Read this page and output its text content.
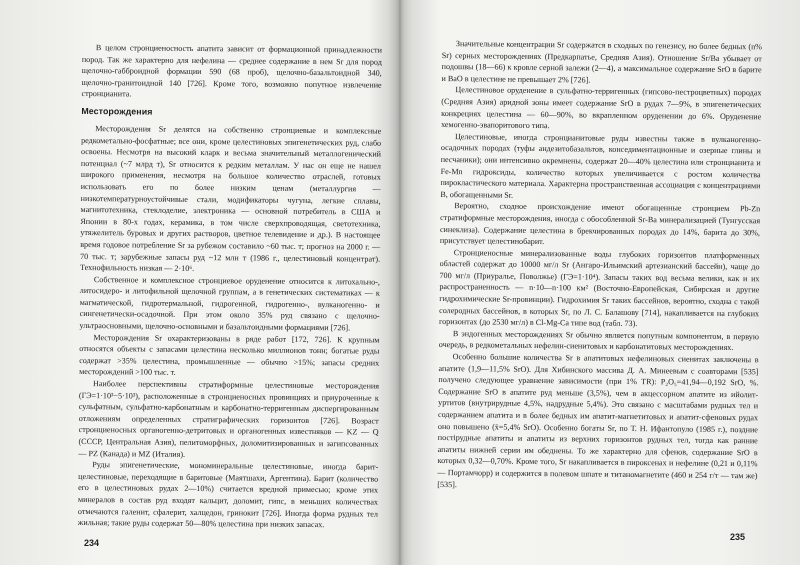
В целом стронциеносность апатита зависит от формационной принадлежности пород. Так же характерно для нефелина — среднее содержание в нем Sr для пород щелочно-габброидной формации 590 (68 проб), щелочно-базальтоидной 340, щелочно-гранитоидной 140 [726]. Кроме того, возможно попутное извлечение стронцианита.

Месторождения

Месторождения Sr делятся на собственно стронциевые и комплексные редкометально-фосфатные; все они, кроме целестиновых эпигенетических руд, слабо освоены. Несмотря на высокий кларк и весьма значительный металлогенический потенциал (~7 млрд т), Sr относится к редким металлам. У нас он еще не нашел широкого применения, несмотря на большое количество отраслей, готовых использовать его по более низким ценам (металлургия — низкотемпературноустойчивые стали, модификаторы чугуна, легкие сплавы, магнитотехника, стеклоделие, электроника — основной потребитель в США и Японии в 80-х годах, керамика, в том числе сверхпроводящая, светотехника, утяжелитель буровых и других растворов, цветное телевидение и др.). В настоящее время годовое потребление Sr за рубежом составило ~60 тыс. т; прогноз на 2000 г. — 70 тыс. т; зарубежные запасы руд ~12 млн т (1986 г., целестиновый концентрат). Технофильность низкая — 2·10⁶.

Собственное и комплексное стронциевое оруденение относится к литохально-, литосидеро- и литофильной щелочной группам, а в генетических систематиках — к магматической, гидротермальной, гидрогенной, гидрогенно-, вулканогенно- и сингенетически-осадочной. При этом около 35% руд связано с щелочно-ультраосновными, щелочно-основными и базальтоидными формациями [726].

Месторождения Sr охарактеризованы в ряде работ [172, 726]. К крупным относятся объекты с запасами целестина несколько миллионов тонн; богатые руды содержат >35% целестина, промышленные — обычно >15%; запасы средних месторождений >100 тыс. т.

Наиболее перспективны стратиформные целестиновые месторождения (ГЭ=1·10³−5·10³), расположенные в стронциеносных провинциях и приуроченные к сульфатным, сульфатно-карбонатным и карбонатно-терригенным диспергированным отложениям определенных стратиграфических горизонтов [726]. Возраст стронциеносных органогенно-детритовых и органогенных известняков — KZ — Q (СССР, Центральная Азия), пелитоморфных, доломитизированных и загипсованных — PZ (Канада) и MZ (Италия).

Руды эпигенетические, мономинеральные целестиновые, иногда барит-целестиновые, переходящие в баритовые (Маятшахи, Аргентина). Барит (количество его в целестиновых рудах 2—10%) считается вредной примесью; кроме этих минералов в состав руд входят кальцит, доломит, гипс, в меньших количествах отмечаются галенит, сфалерит, халцедон, гринокит [726]. Иногда форма рудных тел жильная; такие руды содержат 50—80% целестина при низких запасах.

234

Значительные концентрации Sr содержатся в сходных по генезису, но более бедных (n% Sr) серных месторождениях (Предкарпатье, Средняя Азия). Отношение Sr/Ba убывает от подошвы (18—66) к кровле серной залежи (2—4), а максимальное содержание SrO в барите и BaO в целестине не превышает 2% [726].

Целестиновое оруденение в сульфатно-терригенных (гипсово-пестроцветных) породах (Средняя Азия) аридной зоны имеет содержание SrO в рудах 7—9%, в эпигенетических конкрециях целестина — 60—90%, во вкрапленном оруденении до 6%. Оруденение хемогенно-эвапоритового типа.

Целестиновые, иногда стронцианитовые руды известны также в вулканогенно-осадочных породах (туфы андезитобазальтов, конседиментационные и озерные глины и песчаники); они интенсивно окремнены, содержат 20—40% целестина или стронцианита и Fe-Mn гидроксиды, количество которых увеличивается с ростом количества пирокластического материала. Характерна пространственная ассоциация с концентрациями B, обогащенными Sr.

Вероятно, сходное происхождение имеют обогащенные стронцием Pb-Zn стратиформные месторождения, иногда с обособленной Sr-Ba минерализацией (Тунгусская синеклиза). Содержание целестина в брекчированных породах до 14%, барита до 30%, присутствует целестинобарит.

Стронциеносные минерализованные воды глубоких горизонтов платформенных областей содержат до 10000 мг/л Sr (Ангаро-Ильимский артезианский бассейн), чаще до 700 мг/л (Приуралье, Поволжье) (ГЭ=1·10⁴). Запасы таких вод весьма велики, как и их распространенность — n·10—n·100 км² (Восточно-Европейская, Сибирская и другие гидрохимические Sr-провинции). Гидрохимия Sr таких бассейнов, вероятно, сходна с такой солеродных бассейнов, в которых Sr, по Л. С. Балашову [714], накапливается на глубоких горизонтах (до 2530 мг/л) в Cl-Mg-Ca типе вод (табл. 73).

В эндогенных месторождениях Sr обычно является попутным компонентом, в первую очередь, в редкометальных нефелин-сиенитовых и карбонатитовых месторождениях.

Особенно большие количества Sr в апатитовых нефелиновых сиенитах заключены в апатите (1,9—11,5% SrO). Для Хибинского массива Д. А. Минеевым с соавторами [535] получено следующее уравнение зависимости (при 1% TR): P₂O₅=41,94—0,192 SrO, %. Содержание SrO в апатите руд меньше (3,5%), чем в акцессорном апатите из ийолит-уртитов (внутрирудные 4,5%, надрудные 5,4%). Это связано с масштабами рудных тел и содержанием апатита и в более бедных им апатит-магнетитовых и апатит-сфеновых рудах оно повышено (x̄=5,4% SrO). Особенно богаты Sr, по Т. Н. Ифантопуло (1985 г.), поздние постірудные апатиты и апатиты из верхних горизонтов рудных тел, тогда как ранние апатиты нижней серии им обеднены. То же характерно для сфенов, содержание SrO в которых 0,32—0,70%. Кроме того, Sr накапливается в пироксенах и нефелине (0,21 и 0,11% — Портамчорр) и содержится в полевом шпате и титаномагнетите (460 и 254 г/т — там же) [535].

235
